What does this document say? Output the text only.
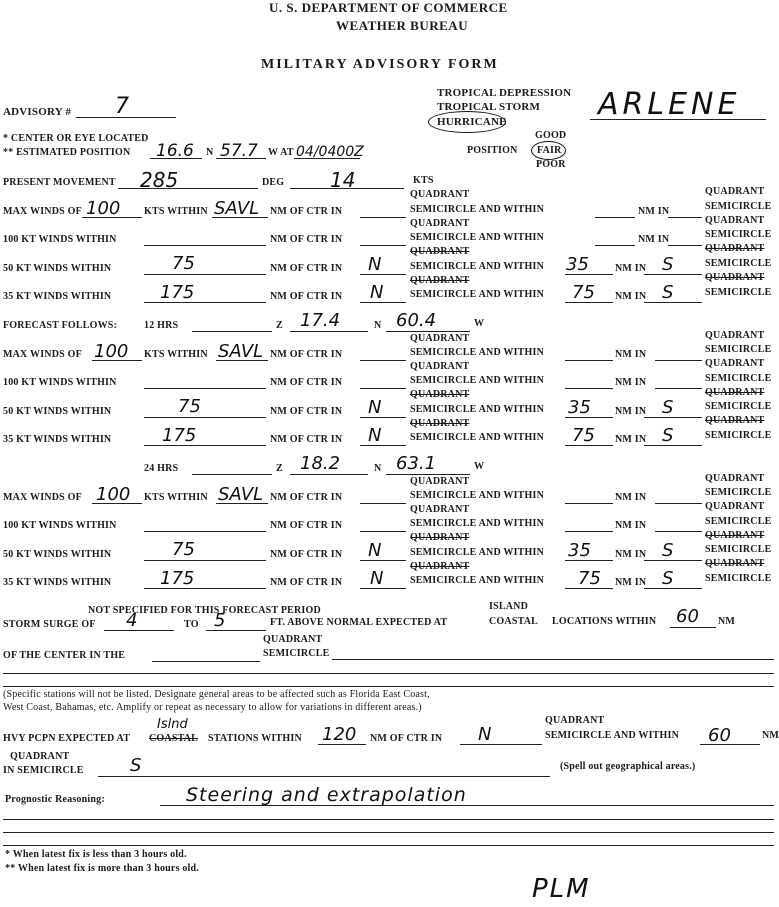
U. S. DEPARTMENT OF COMMERCE
WEATHER BUREAU
MILITARY ADVISORY FORM
ADVISORY # 7
TROPICAL DEPRESSION
TROPICAL STORM
HURRICANE	ARLENE
* CENTER OR EYE LOCATED
** ESTIMATED POSITION 16.6 N 57.7 W AT 04/0400Z	POSITION
GOOD
FAIR
POOR
PRESENT MOVEMENT 285	DEG 14	KTS
QUADRANT	QUADRANT
MAX WINDS OF 100 KTS WITHIN SAVL NM OF CTR IN	SEMICIRCLE AND WITHIN	NM IN	SEMICIRCLE
QUADRANT	QUADRANT
100 KT WINDS WITHIN	NM OF CTR IN	SEMICIRCLE AND WITHIN	NM IN	SEMICIRCLE
QUADRANT	QUADRANT
50 KT WINDS WITHIN	75	NM OF CTR IN N	SEMICIRCLE AND WITHIN 35	NM IN S	SEMICIRCLE
QUADRANT	QUADRANT
35 KT WINDS WITHIN	175	NM OF CTR IN N	SEMICIRCLE AND WITHIN 75 NM IN S	SEMICIRCLE
FORECAST FOLLOWS:	12 HRS	Z 17.4	N 60.4	W
QUADRANT	QUADRANT
MAX WINDS OF 100 KTS WITHIN SAVL NM OF CTR IN	SEMICIRCLE AND WITHIN	NM IN	SEMICIRCLE
QUADRANT	QUADRANT
100 KT WINDS WITHIN	NM OF CTR IN	SEMICIRCLE AND WITHIN	NM IN	SEMICIRCLE
QUADRANT	QUADRANT
50 KT WINDS WITHIN	75	NM OF CTR IN N	SEMICIRCLE AND WITHIN 35 NM IN S	SEMICIRCLE
QUADRANT	QUADRANT
35 KT WINDS WITHIN	175	NM OF CTR IN N	SEMICIRCLE AND WITHIN 75 NM IN S	SEMICIRCLE
24 HRS	Z 18.2	N 63.1	W
QUADRANT	QUADRANT
MAX WINDS OF 100 KTS WITHIN SAVL NM OF CTR IN	SEMICIRCLE AND WITHIN	NM IN	SEMICIRCLE
QUADRANT	QUADRANT
100 KT WINDS WITHIN	NM OF CTR IN	SEMICIRCLE AND WITHIN	NM IN	SEMICIRCLE
QUADRANT	QUADRANT
50 KT WINDS WITHIN	75	NM OF CTR IN N	SEMICIRCLE AND WITHIN 35 NM IN S	SEMICIRCLE
QUADRANT	QUADRANT
35 KT WINDS WITHIN	175	NM OF CTR IN N	SEMICIRCLE AND WITHIN 75 NM IN S	SEMICIRCLE
NOT SPECIFIED FOR THIS FORECAST PERIOD	ISLAND
STORM SURGE OF 4	TO 5	FT. ABOVE NORMAL EXPECTED AT	COASTAL LOCATIONS WITHIN 60 NM
QUADRANT
OF THE CENTER IN THE	SEMICIRCLE
(Specific stations will not be listed. Designate general areas to be affected such as Florida East Coast,
West Coast, Bahamas, etc. Amplify or repeat as necessary to allow for variations in different areas.)
Islnd	QUADRANT
HVY PCPN EXPECTED AT COASTAL STATIONS WITHIN 120 NM OF CTR IN N	SEMICIRCLE AND WITHIN 60	NM
QUADRANT
IN SEMICIRCLE	S	(Spell out geographical areas.)
Prognostic Reasoning:	Steering and extrapolation
* When latest fix is less than 3 hours old.
** When latest fix is more than 3 hours old.
PLM
